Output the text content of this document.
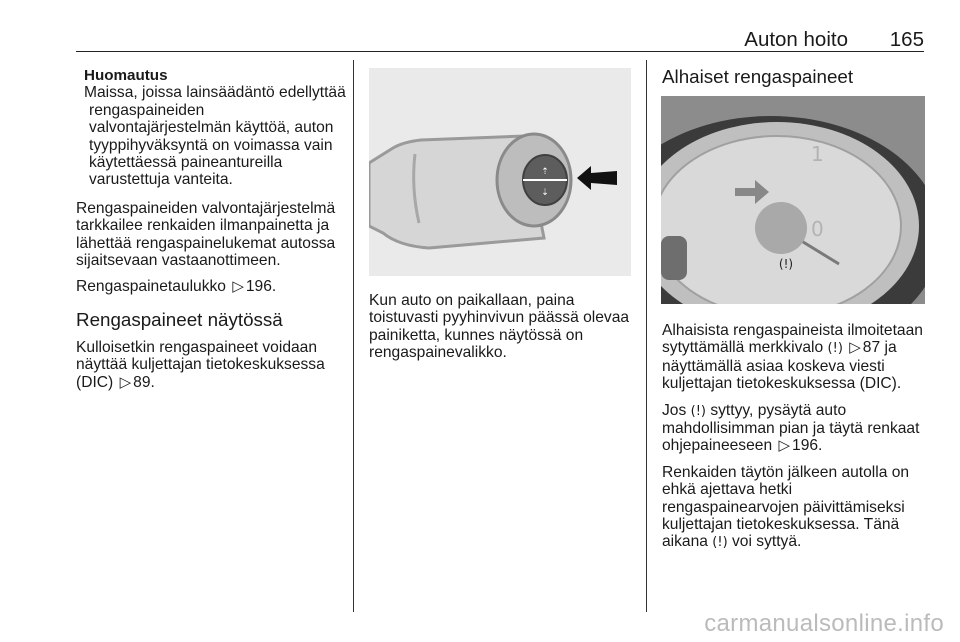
Auton hoito 165
Huomautus
Maissa, joissa lainsäädäntö edellyttää rengaspaineiden valvontajärjestelmän käyttöä, auton tyyppihyväksyntä on voimassa vain käytettäessä paineantureilla varustettuja vanteita.

Rengaspaineiden valvontajärjestelmä tarkkailee renkaiden ilmanpainetta ja lähettää rengaspainelukemat autossa sijaitsevaan vastaanottimeen.

Rengaspainetaulukko ▷ 196.

Rengaspaineet näytössä

Kulloisetkin rengaspaineet voidaan näyttää kuljettajan tietokeskuksessa (DIC) ▷ 89.

⇡
⇣

Kun auto on paikallaan, paina toistuvasti pyyhinvivun päässä olevaa painiketta, kunnes näytössä on rengaspainevalikko.

Alhaiset rengaspaineet
1
0
(!)

Alhaisista rengaspaineista ilmoitetaan sytyttämällä merkkivalo (!) ▷ 87 ja näyttämällä asiaa koskeva viesti kuljettajan tietokeskuksessa (DIC).

Jos (!) syttyy, pysäytä auto mahdollisimman pian ja täytä renkaat ohjepaineeseen ▷ 196.

Renkaiden täytön jälkeen autolla on ehkä ajettava hetki rengaspainearvojen päivittämiseksi kuljettajan tietokeskuksessa. Tänä aikana (!) voi syttyä.

carmanualsonline.info
